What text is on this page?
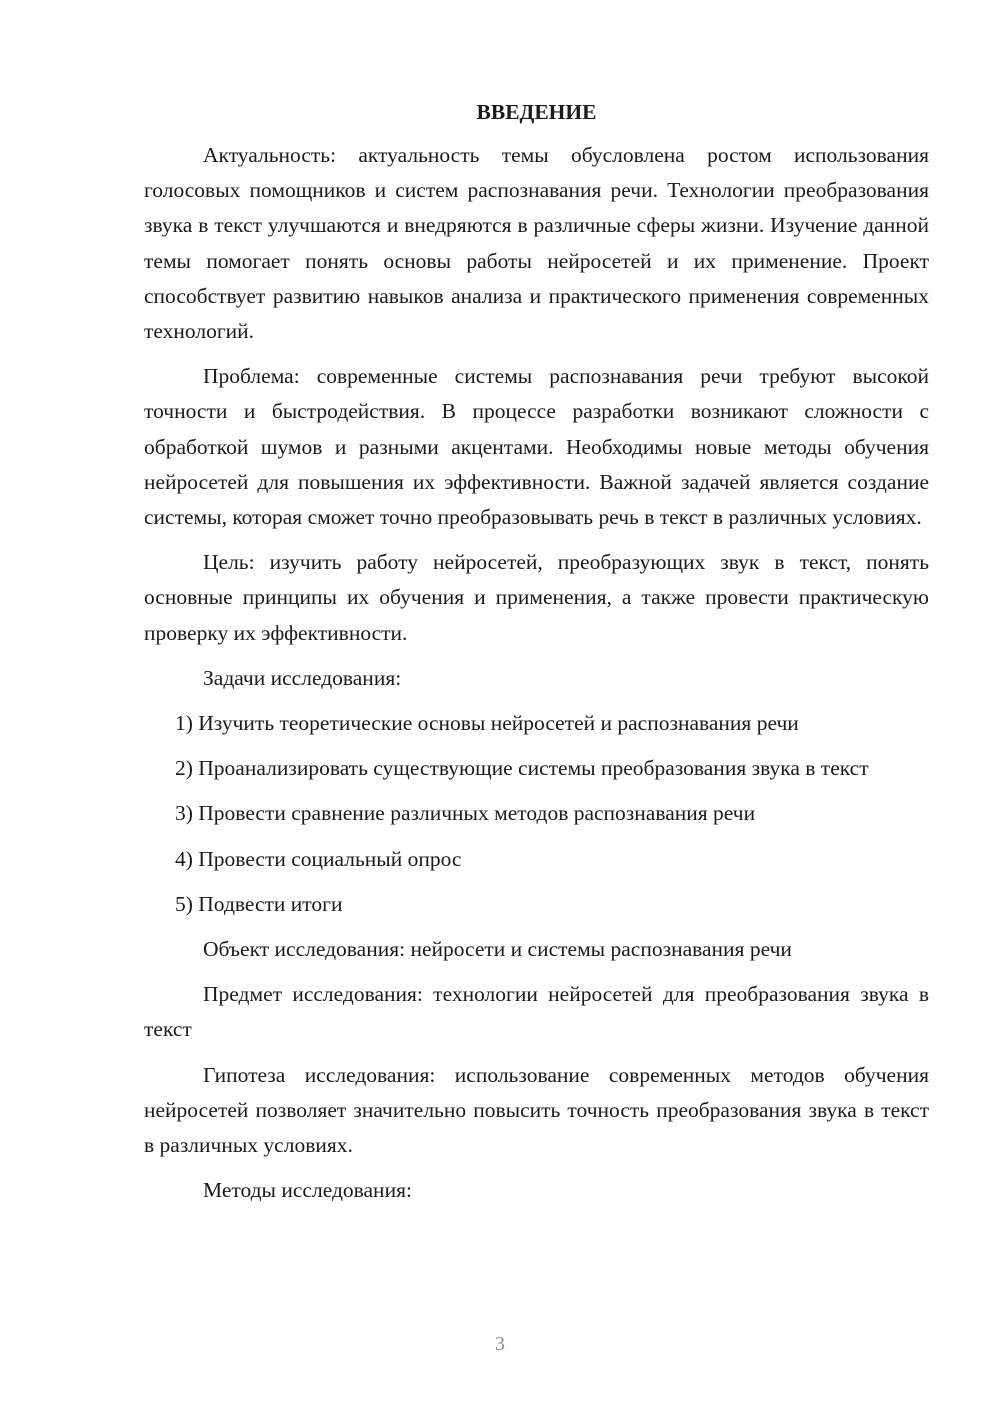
ВВЕДЕНИЕ

Актуальность: актуальность темы обусловлена ростом использования голосовых помощников и систем распознавания речи. Технологии преобразования звука в текст улучшаются и внедряются в различные сферы жизни. Изучение данной темы помогает понять основы работы нейросетей и их применение. Проект способствует развитию навыков анализа и практического применения современных технологий.

Проблема: современные системы распознавания речи требуют высокой точности и быстродействия. В процессе разработки возникают сложности с обработкой шумов и разными акцентами. Необходимы новые методы обучения нейросетей для повышения их эффективности. Важной задачей является создание системы, которая сможет точно преобразовывать речь в текст в различных условиях.

Цель: изучить работу нейросетей, преобразующих звук в текст, понять основные принципы их обучения и применения, а также провести практическую проверку их эффективности.

Задачи исследования:

1) Изучить теоретические основы нейросетей и распознавания речи

2) Проанализировать существующие системы преобразования звука в текст

3) Провести сравнение различных методов распознавания речи

4) Провести социальный опрос

5) Подвести итоги

Объект исследования: нейросети и системы распознавания речи

Предмет исследования: технологии нейросетей для преобразования звука в текст

Гипотеза исследования: использование современных методов обучения нейросетей позволяет значительно повысить точность преобразования звука в текст в различных условиях.

Методы исследования:

3
